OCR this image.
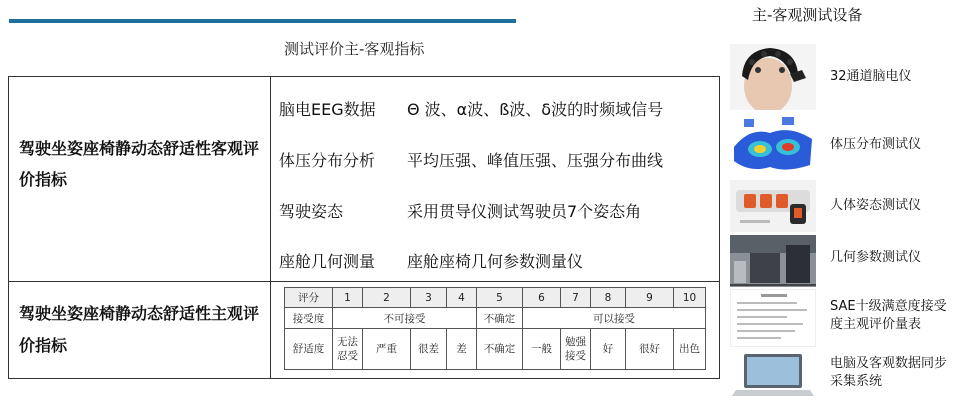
主-客观测试设备
测试评价主-客观指标
驾驶坐姿座椅静动态舒适性客观评价指标
脑电EEG数据 Θ 波、α波、ß波、δ波的时频域信号
体压分布分析 平均压强、峰值压强、压强分布曲线
驾驶姿态	采用贯导仪测试驾驶员7个姿态角
座舱几何测量 座舱座椅几何参数测量仪
驾驶坐姿座椅静动态舒适性主观评价指标
评分	1	2	3	4	5	6	7	8	9	10
接受度	不可接受				不确定	可以接受				
舒适度	无法忍受	严重	很差	差	不确定	一般	勉强接受	好	很好	出色
32通道脑电仪
体压分布测试仪
人体姿态测试仪
几何参数测试仪
SAE十级满意度接受度主观评价量表
电脑及客观数据同步采集系统
